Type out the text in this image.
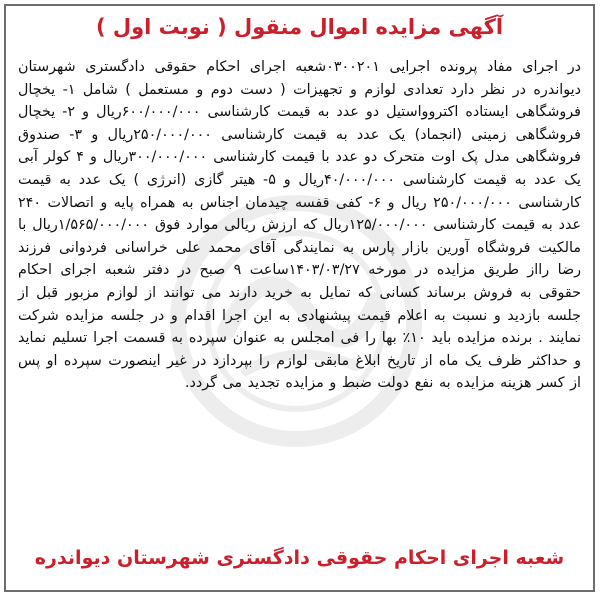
آگهی مزایده اموال منقول ( نوبت اول )
در اجرای مفاد پرونده اجرایی ۰۳۰۰۲۰۱شعبه اجرای احکام حقوقی دادگستری شهرستان دیواندره در نظر دارد تعدادی لوازم و تجهیزات ( دست دوم و مستعمل ) شامل ۱- یخچال فروشگاهی ایستاده اکتروواستیل دو عدد به قیمت کارشناسی ۶۰۰/۰۰۰/۰۰۰ریال و ۲- یخچال فروشگاهی زمینی (انجماد) یک عدد به قیمت کارشناسی ۲۵۰/۰۰۰/۰۰۰ریال و ۳- صندوق فروشگاهی مدل پک اوت متحرک دو عدد با قیمت کارشناسی ۳۰۰/۰۰۰/۰۰۰ریال و ۴ کولر آبی یک عدد به قیمت کارشناسی ۴۰/۰۰۰/۰۰۰ریال و ۵- هیتر گازی (انرژی ) یک عدد به قیمت کارشناسی ۲۵۰/۰۰۰/۰۰۰ ریال و ۶- کفی قفسه چیدمان اجناس به همراه پایه و اتصالات ۲۴۰ عدد به قیمت کارشناسی ۱۲۵/۰۰۰/۰۰۰ریال که ارزش ریالی موارد فوق ۱/۵۶۵/۰۰۰/۰۰۰ریال با مالکیت فروشگاه آورین بازار پارس به نمایندگی آقای محمد علی خراسانی فردوانی فرزند رضا رااز طریق مزایده در مورخه ۱۴۰۳/۰۳/۲۷ساعت ۹ صبح در دفتر شعبه اجرای احکام حقوقی به فروش برساند کسانی که تمایل به خرید دارند می توانند از لوازم مزبور قبل از جلسه بازدید و نسبت به اعلام قیمت پیشنهادی به این اجرا اقدام و در جلسه مزایده شرکت نمایند . برنده مزایده باید ۱۰٪ بها را فی امجلس به عنوان سپرده به قسمت اجرا تسلیم نماید و حداکثر ظرف یک ماه از تاریخ ابلاغ مابقی لوازم را بپردازد در غیر اینصورت سپرده او پس از کسر هزینه مزایده به نفع دولت ضبط و مزایده تجدید می گردد.
شعبه اجرای احکام حقوقی دادگستری شهرستان دیواندره
